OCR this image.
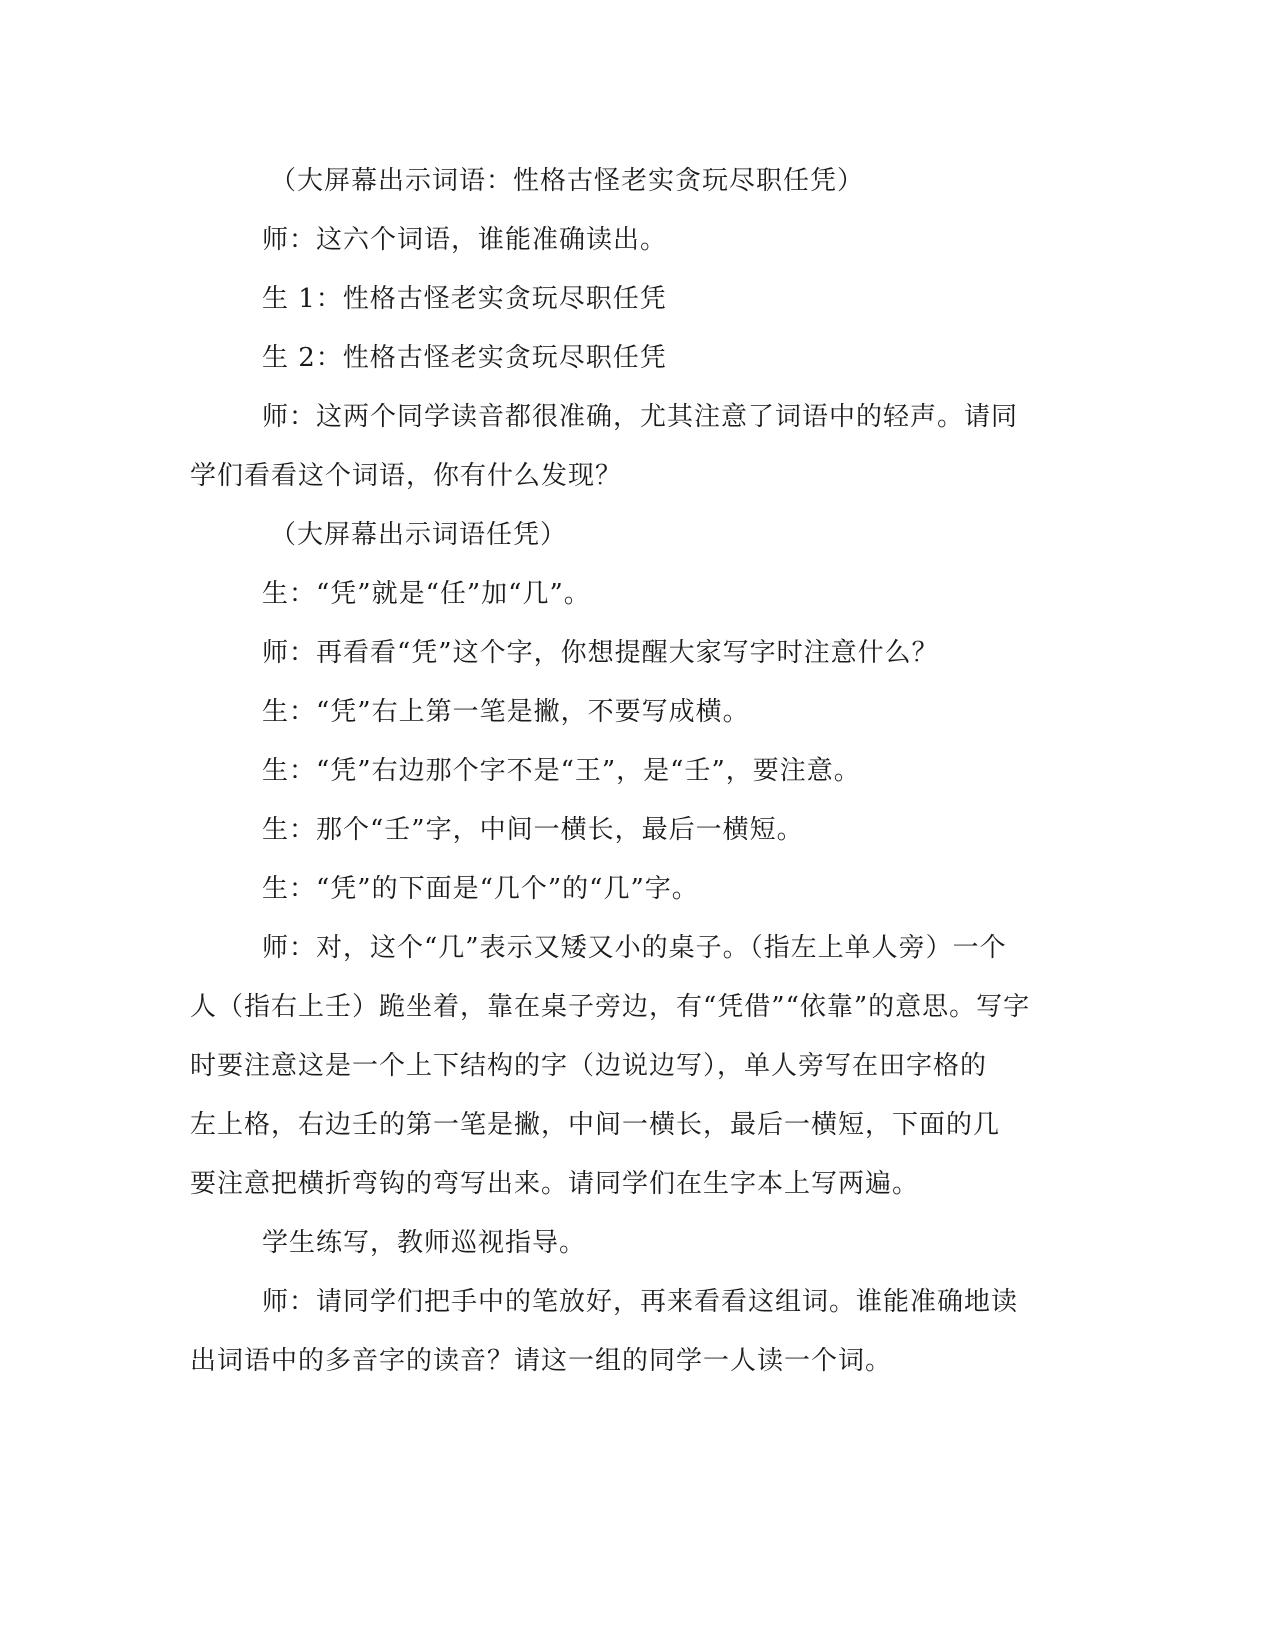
（大屏幕出示词语：性格古怪老实贪玩尽职任凭）
师：这六个词语，谁能准确读出。
生 1：性格古怪老实贪玩尽职任凭
生 2：性格古怪老实贪玩尽职任凭
师：这两个同学读音都很准确，尤其注意了词语中的轻声。请同
学们看看这个词语，你有什么发现？
（大屏幕出示词语任凭）
生：“凭”就是“任”加“几”。
师：再看看“凭”这个字，你想提醒大家写字时注意什么？
生：“凭”右上第一笔是撇，不要写成横。
生：“凭”右边那个字不是“王”，是“壬”，要注意。
生：那个“壬”字，中间一横长，最后一横短。
生：“凭”的下面是“几个”的“几”字。
师：对，这个“几”表示又矮又小的桌子。（指左上单人旁）一个
人（指右上壬）跪坐着，靠在桌子旁边，有“凭借”“依靠”的意思。写字
时要注意这是一个上下结构的字（边说边写），单人旁写在田字格的
左上格，右边壬的第一笔是撇，中间一横长，最后一横短，下面的几
要注意把横折弯钩的弯写出来。请同学们在生字本上写两遍。
学生练写，教师巡视指导。
师：请同学们把手中的笔放好，再来看看这组词。谁能准确地读
出词语中的多音字的读音？请这一组的同学一人读一个词。
